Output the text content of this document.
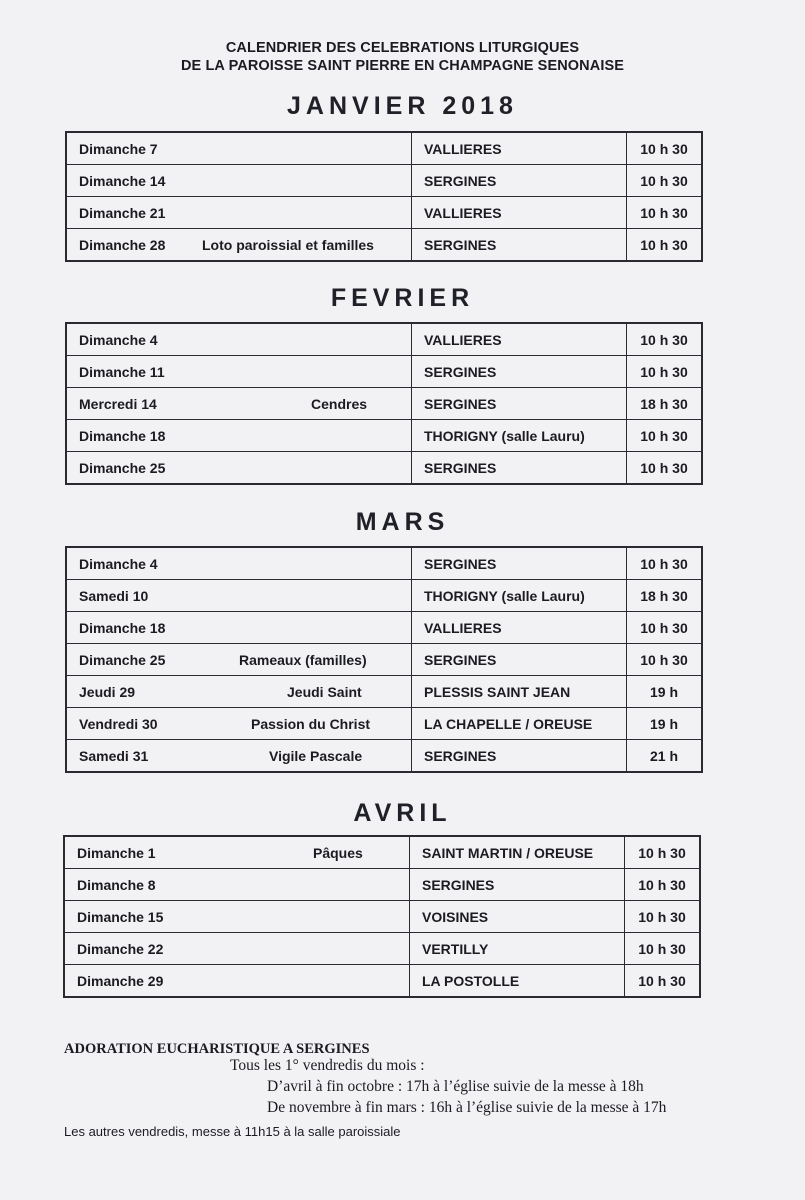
CALENDRIER DES CELEBRATIONS LITURGIQUES
DE LA PAROISSE SAINT PIERRE EN CHAMPAGNE SENONAISE
JANVIER 2018
Dimanche 7	VALLIERES	10 h 30

Dimanche 14	SERGINES	10 h 30

Dimanche 21	VALLIERES	10 h 30

Dimanche 28 Loto paroissial et familles	SERGINES	10 h 30
FEVRIER
Dimanche 4	VALLIERES	10 h 30

Dimanche 11	SERGINES	10 h 30

Mercredi 14 Cendres	SERGINES	18 h 30

Dimanche 18	THORIGNY (salle Lauru)	10 h 30

Dimanche 25	SERGINES	10 h 30
MARS
Dimanche 4	SERGINES	10 h 30

Samedi 10	THORIGNY (salle Lauru)	18 h 30

Dimanche 18	VALLIERES	10 h 30

Dimanche 25 Rameaux (familles)	SERGINES	10 h 30

Jeudi 29 Jeudi Saint	PLESSIS SAINT JEAN	19 h

Vendredi 30 Passion du Christ	LA CHAPELLE / OREUSE	19 h

Samedi 31 Vigile Pascale	SERGINES	21 h
AVRIL
Dimanche 1 Pâques	SAINT MARTIN / OREUSE	10 h 30

Dimanche 8	SERGINES	10 h 30

Dimanche 15	VOISINES	10 h 30

Dimanche 22	VERTILLY	10 h 30

Dimanche 29	LA POSTOLLE	10 h 30
ADORATION EUCHARISTIQUE A SERGINES
Tous les 1° vendredis du mois :
D’avril à fin octobre : 17h à l’église suivie de la messe à 18h
De novembre à fin mars : 16h à l’église suivie de la messe à 17h
Les autres vendredis, messe à 11h15 à la salle paroissiale
